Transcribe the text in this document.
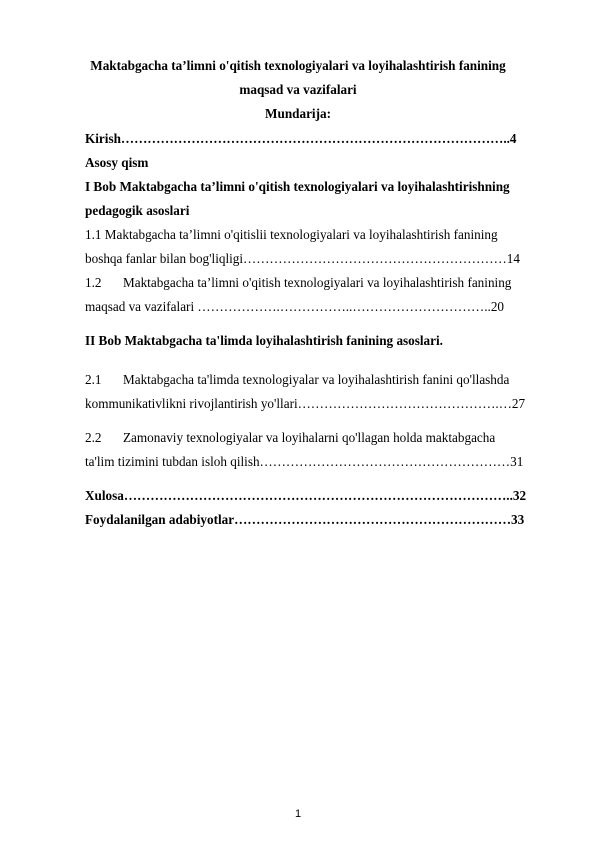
Maktabgacha ta’limni o'qitish texnologiyalari va loyihalashtirish fanining
maqsad va vazifalari
Mundarija:
Kirish……………………………………………………………………………..4
Asosy qism
I Bob Maktabgacha ta’limni o'qitish texnologiyalari va loyihalashtirishning
pedagogik asoslari
1.1 Maktabgacha ta’limni o'qitislii texnologiyalari va loyihalashtirish fanining
boshqa fanlar bilan bog'liqligi……………………………………………………14
1.2 Maktabgacha ta’limni o'qitish texnologiyalari va loyihalashtirish fanining
maqsad va vazifalari ……………….……………..…………………………..20
II Bob Maktabgacha ta'limda loyihalashtirish fanining asoslari.
2.1 Maktabgacha ta'limda texnologiyalar va loyihalashtirish fanini qo'llashda
kommunikativlikni rivojlantirish yo'llari……………………………………….…27
2.2 Zamonaviy texnologiyalar va loyihalarni qo'llagan holda maktabgacha
ta'lim tizimini tubdan isloh qilish…………………………………………………31
Xulosa……………………………………………………………………………..32
Foydalanilgan adabiyotlar………………………………………………………33
1
